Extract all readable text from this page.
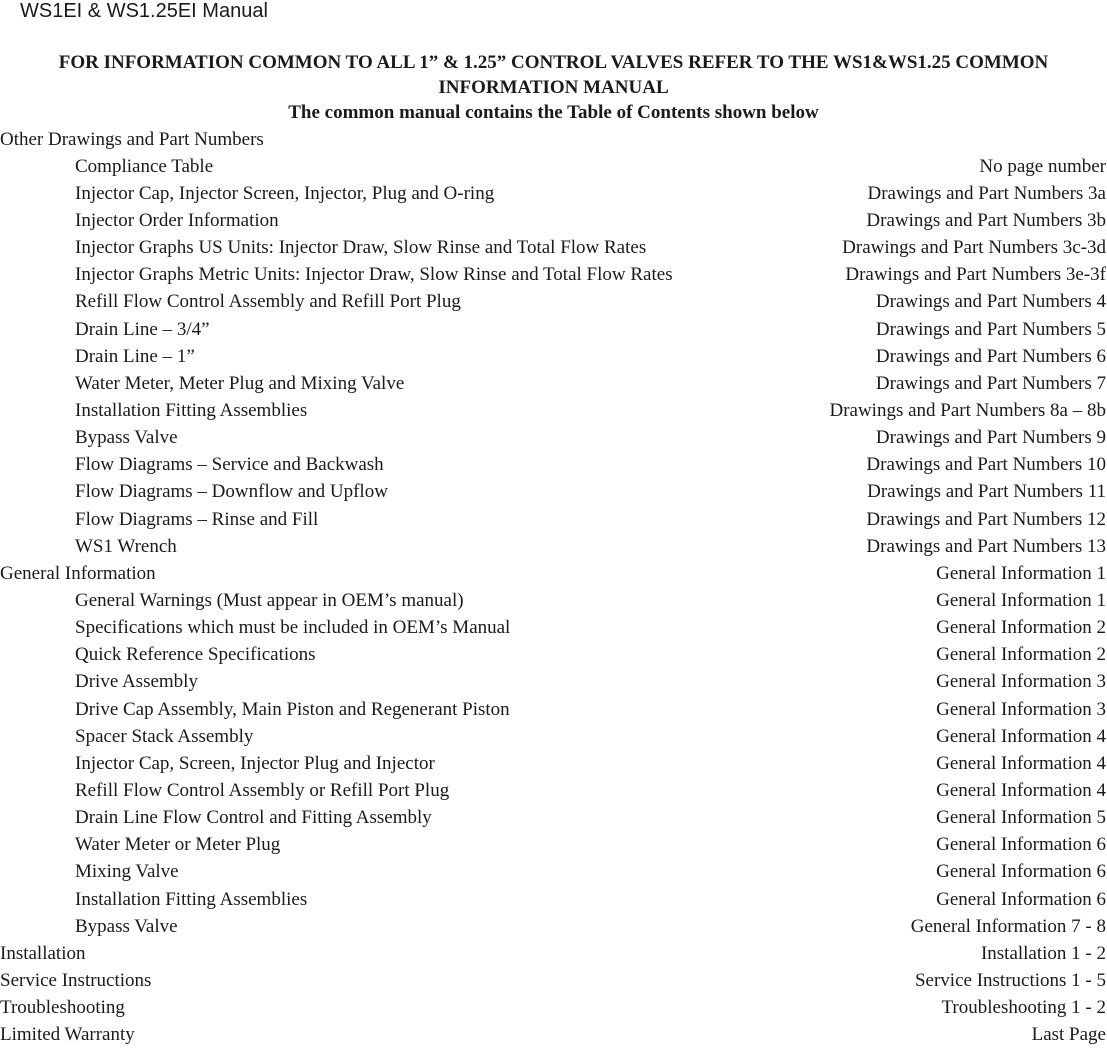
WS1EI & WS1.25EI Manual
FOR INFORMATION COMMON TO ALL 1” & 1.25” CONTROL VALVES REFER TO THE WS1&WS1.25 COMMON
INFORMATION MANUAL
The common manual contains the Table of Contents shown below
Other Drawings and Part Numbers
Compliance Table	No page number
Injector Cap, Injector Screen, Injector, Plug and O-ring	Drawings and Part Numbers 3a
Injector Order Information	Drawings and Part Numbers 3b
Injector Graphs US Units: Injector Draw, Slow Rinse and Total Flow Rates	Drawings and Part Numbers 3c-3d
Injector Graphs Metric Units: Injector Draw, Slow Rinse and Total Flow Rates	Drawings and Part Numbers 3e-3f
Refill Flow Control Assembly and Refill Port Plug	Drawings and Part Numbers 4
Drain Line – 3/4”	Drawings and Part Numbers 5
Drain Line – 1”	Drawings and Part Numbers 6
Water Meter, Meter Plug and Mixing Valve	Drawings and Part Numbers 7
Installation Fitting Assemblies	Drawings and Part Numbers 8a – 8b
Bypass Valve	Drawings and Part Numbers 9
Flow Diagrams – Service and Backwash	Drawings and Part Numbers 10
Flow Diagrams – Downflow and Upflow	Drawings and Part Numbers 11
Flow Diagrams – Rinse and Fill	Drawings and Part Numbers 12
WS1 Wrench	Drawings and Part Numbers 13
General Information	General Information 1
General Warnings (Must appear in OEM’s manual)	General Information 1
Specifications which must be included in OEM’s Manual	General Information 2
Quick Reference Specifications	General Information 2
Drive Assembly	General Information 3
Drive Cap Assembly, Main Piston and Regenerant Piston	General Information 3
Spacer Stack Assembly	General Information 4
Injector Cap, Screen, Injector Plug and Injector	General Information 4
Refill Flow Control Assembly or Refill Port Plug	General Information 4
Drain Line Flow Control and Fitting Assembly	General Information 5
Water Meter or Meter Plug	General Information 6
Mixing Valve	General Information 6
Installation Fitting Assemblies	General Information 6
Bypass Valve	General Information 7 - 8
Installation	Installation 1 - 2
Service Instructions	Service Instructions 1 - 5
Troubleshooting	Troubleshooting 1 - 2
Limited Warranty	Last Page
